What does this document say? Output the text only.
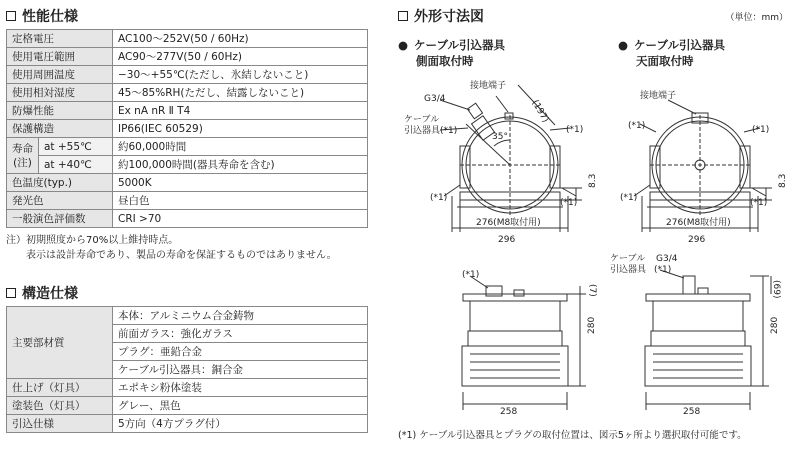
性能仕様
定格電圧		AC100〜252V(50 / 60Hz)
使用電圧範囲		AC90〜277V(50 / 60Hz)
使用周囲温度		−30〜+55℃(ただし、氷結しないこと)
使用相対湿度		45〜85%RH(ただし、結露しないこと)
防爆性能		Ex nA nR Ⅱ T4
保護構造		IP66(IEC 60529)

寿命
(注)	at +55℃	約60,000時間
	at +40℃	約100,000時間(器具寿命を含む)
色温度(typ.)		5000K
発光色		昼白色
一般演色評価数		CRI >70
注）初期照度から70%以上維持時点。
表示は設計寿命であり、製品の寿命を保証するものではありません。
構造仕様
主要部材質	本体：アルミニウム合金鋳物
	前面ガラス：強化ガラス
	プラグ：亜鉛合金
	ケーブル引込器具：銅合金
仕上げ（灯具）	エポキシ粉体塗装
塗装色（灯具）	グレー、黒色
引込仕様	5方向（4方プラグ付）
外形寸法図	（単位：mm）
● ケーブル引込器具
側面取付時
● ケーブル引込器具
天面取付時
接地端子
G3/4
ケーブル
引込器具(*1)
(197)
35°
(*1)
(*1)	(*1)
8.3
276(M8取付用)
296
接地端子
(*1)	(*1)
(*1)	(*1)
8.3
276(M8取付用)
296
(*1)
(7)
280
258
ケーブル
引込器具
G3/4
(*1)
(69)
280
258
(*1) ケーブル引込器具とプラグの取付位置は、図示5ヶ所より選択取付可能です。
